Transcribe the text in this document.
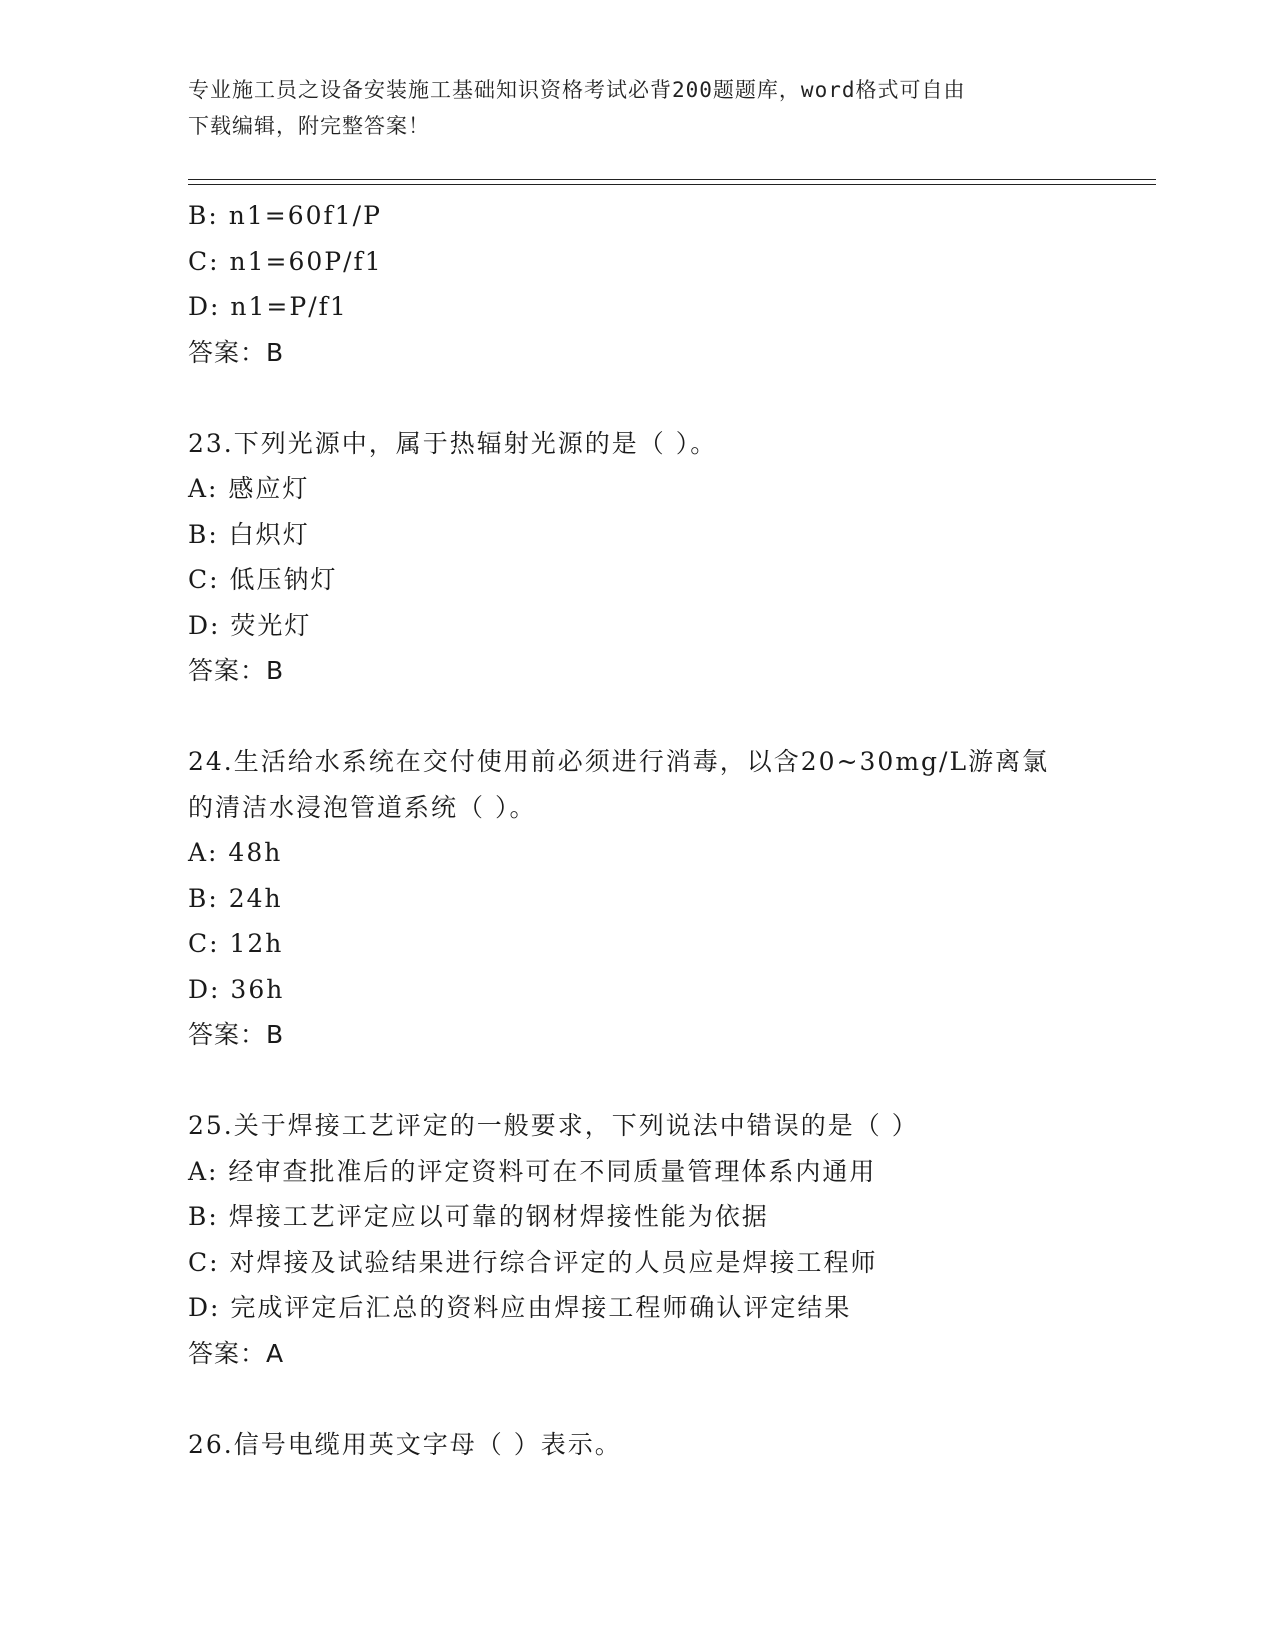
专业施工员之设备安装施工基础知识资格考试必背200题题库，word格式可自由
下载编辑，附完整答案！
B: n1=60f1/P
C: n1=60P/f1
D: n1=P/f1
答案：B
23.下列光源中，属于热辐射光源的是（ ）。
A: 感应灯
B: 白炽灯
C: 低压钠灯
D: 荧光灯
答案：B
24.生活给水系统在交付使用前必须进行消毒，以含20~30mg/L游离氯
的清洁水浸泡管道系统（ ）。
A: 48h
B: 24h
C: 12h
D: 36h
答案：B
25.关于焊接工艺评定的一般要求，下列说法中错误的是（ ）
A: 经审查批准后的评定资料可在不同质量管理体系内通用
B: 焊接工艺评定应以可靠的钢材焊接性能为依据
C: 对焊接及试验结果进行综合评定的人员应是焊接工程师
D: 完成评定后汇总的资料应由焊接工程师确认评定结果
答案：A
26.信号电缆用英文字母（ ）表示。
